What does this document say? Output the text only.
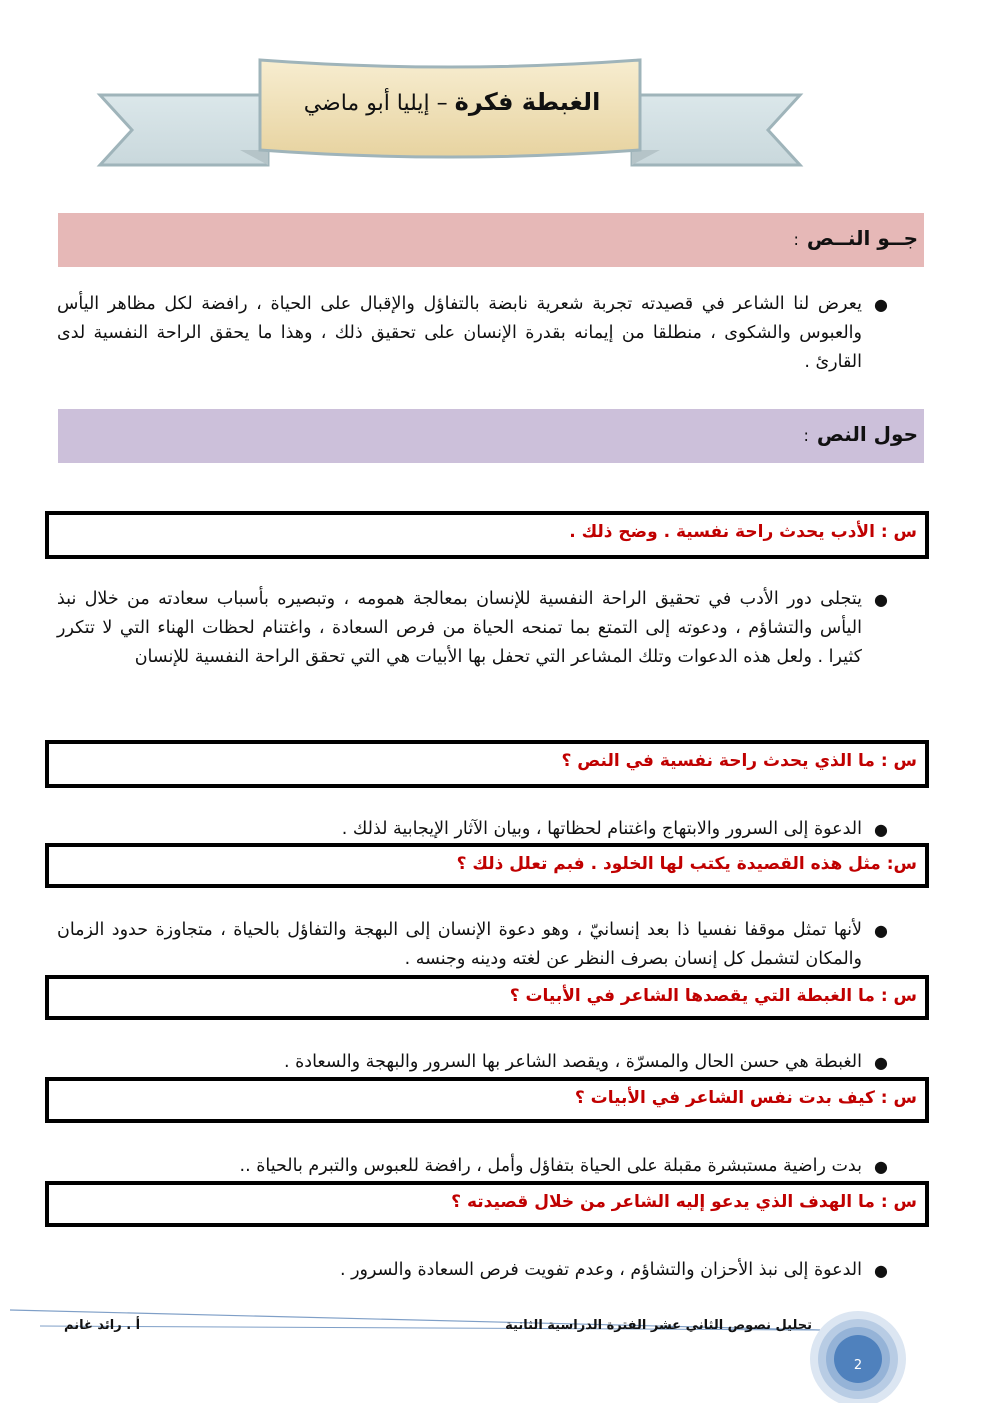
الغبطة فكرة – إيليا أبو ماضي
جــو النــص:
●
يعرض لنا الشاعر في قصيدته تجربة شعرية نابضة بالتفاؤل والإقبال على الحياة ، رافضة لكل مظاهر اليأس والعبوس والشكوى ، منطلقا من إيمانه بقدرة الإنسان على تحقيق ذلك ، وهذا ما يحقق الراحة النفسية لدى القارئ .
حول النص:
س : الأدب يحدث راحة نفسية . وضح ذلك .
●
يتجلى دور الأدب في تحقيق الراحة النفسية للإنسان بمعالجة همومه ، وتبصيره بأسباب سعادته من خلال نبذ اليأس والتشاؤم ، ودعوته إلى التمتع بما تمنحه الحياة من فرص السعادة ، واغتنام لحظات الهناء التي لا تتكرر كثيرا . ولعل هذه الدعوات وتلك المشاعر التي تحفل بها الأبيات هي التي تحقق الراحة النفسية للإنسان
س : ما الذي يحدث راحة نفسية في النص ؟
●
الدعوة إلى السرور والابتهاج واغتنام لحظاتها ، وبيان الآثار الإيجابية لذلك .
س: مثل هذه القصيدة يكتب لها الخلود . فبم تعلل ذلك ؟
●
لأنها تمثل موقفا نفسيا ذا بعد إنسانيّ ، وهو دعوة الإنسان إلى البهجة والتفاؤل بالحياة ، متجاوزة حدود الزمان والمكان لتشمل كل إنسان بصرف النظر عن لغته ودينه وجنسه .
س : ما الغبطة التي يقصدها الشاعر في الأبيات ؟
●
الغبطة هي حسن الحال والمسرّة ، ويقصد الشاعر بها السرور والبهجة والسعادة .
س : كيف بدت نفس الشاعر في الأبيات ؟
●
بدت راضية مستبشرة مقبلة على الحياة بتفاؤل وأمل ، رافضة للعبوس والتبرم بالحياة ..
س : ما الهدف الذي يدعو إليه الشاعر من خلال قصيدته ؟
●
الدعوة إلى نبذ الأحزان والتشاؤم ، وعدم تفويت فرص السعادة والسرور .
تحليل نصوص الثاني عشر الفترة الدراسية الثانية
أ . رائد غانم
2
